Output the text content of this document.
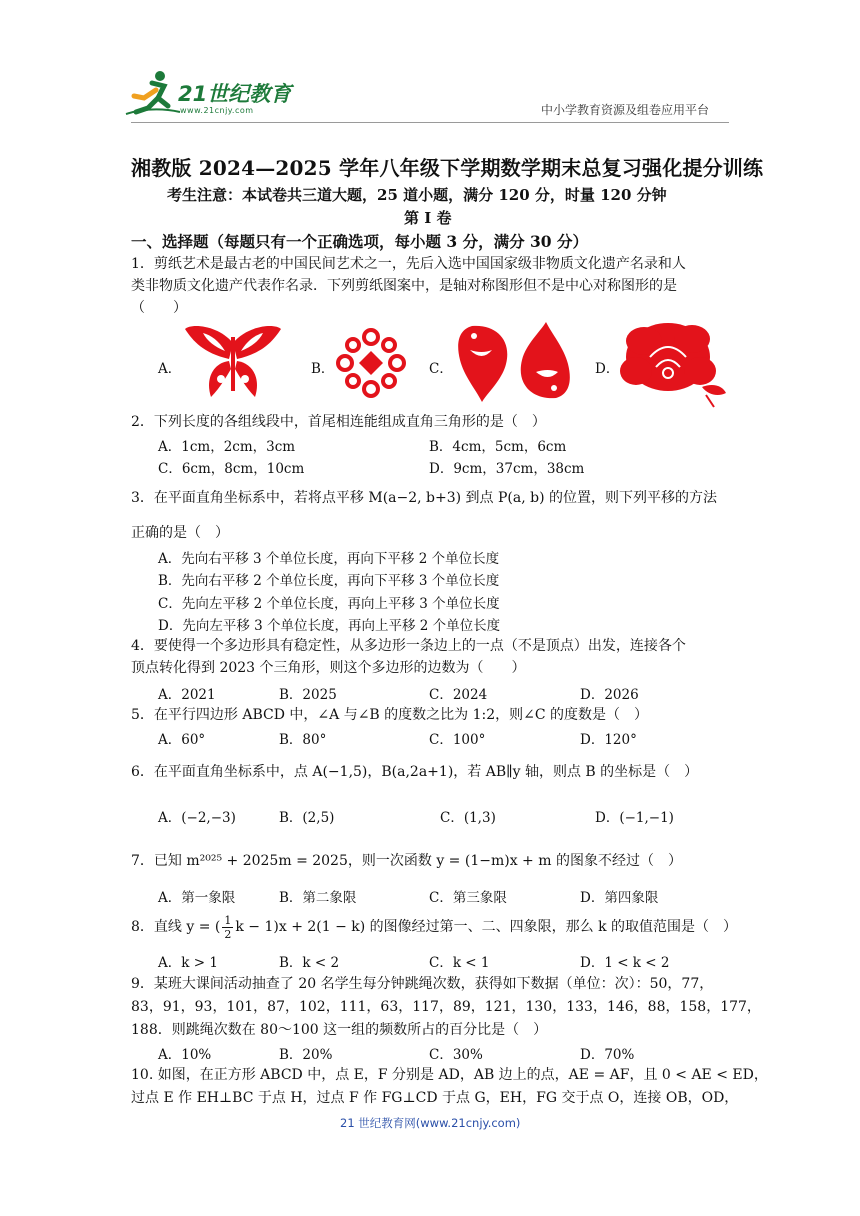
21世纪教育
www.21cnjy.com	中小学教育资源及组卷应用平台
湘教版 2024—2025 学年八年级下学期数学期末总复习强化提分训练
考生注意：本试卷共三道大题，25 道小题，满分 120 分，时量 120 分钟
第 I 卷
一、选择题（每题只有一个正确选项，每小题 3 分，满分 30 分）
1．剪纸艺术是最古老的中国民间艺术之一，先后入选中国国家级非物质文化遗产名录和人
类非物质文化遗产代表作名录．下列剪纸图案中，是轴对称图形但不是中心对称图形的是
（　　）
A．	B．	C．	D．
2．下列长度的各组线段中，首尾相连能组成直角三角形的是（　）
A．1cm，2cm，3cm	B．4cm，5cm，6cm
C．6cm，8cm，10cm	D．9cm，37cm，38cm
3．在平面直角坐标系中，若将点平移 M(a−2, b+3) 到点 P(a, b) 的位置，则下列平移的方法
正确的是（　）
A．先向右平移 3 个单位长度，再向下平移 2 个单位长度
B．先向右平移 2 个单位长度，再向下平移 3 个单位长度
C．先向左平移 2 个单位长度，再向上平移 3 个单位长度
D．先向左平移 3 个单位长度，再向上平移 2 个单位长度
4．要使得一个多边形具有稳定性，从多边形一条边上的一点（不是顶点）出发，连接各个
顶点转化得到 2023 个三角形，则这个多边形的边数为（　　）
A．2021	B．2025	C．2024	D．2026
5．在平行四边形 ABCD 中，∠A 与∠B 的度数之比为 1:2，则∠C 的度数是（　）
A．60°	B．80°	C．100°	D．120°
6．在平面直角坐标系中，点 A(−1,5)，B(a,2a+1)，若 AB∥y 轴，则点 B 的坐标是（　）
A．(−2,−3)	B．(2,5)	C．(1,3)	D．(−1,−1)
7．已知 m²⁰²⁵ + 2025m = 2025，则一次函数 y = (1−m)x + m 的图象不经过（　）
A．第一象限	B．第二象限	C．第三象限	D．第四象限
8．直线 y = ( $\frac{1}{2}$ k − 1)x + 2(1 − k) 的图像经过第一、二、四象限，那么 k 的取值范围是（　）
A．k > 1	B．k < 2	C．k < 1	D．1 < k < 2
9．某班大课间活动抽查了 20 名学生每分钟跳绳次数，获得如下数据（单位：次）：50，77，
83，91，93，101，87，102，111，63，117，89，121，130，133，146，88，158，177，
188．则跳绳次数在 80～100 这一组的频数所占的百分比是（　）
A．10%	B．20%	C．30%	D．70%
10. 如图，在正方形 ABCD 中，点 E，F 分别是 AD，AB 边上的点，AE = AF，且 0 < AE < ED，
过点 E 作 EH⊥BC 于点 H，过点 F 作 FG⊥CD 于点 G，EH，FG 交于点 O，连接 OB，OD，
21 世纪教育网(www.21cnjy.com)
